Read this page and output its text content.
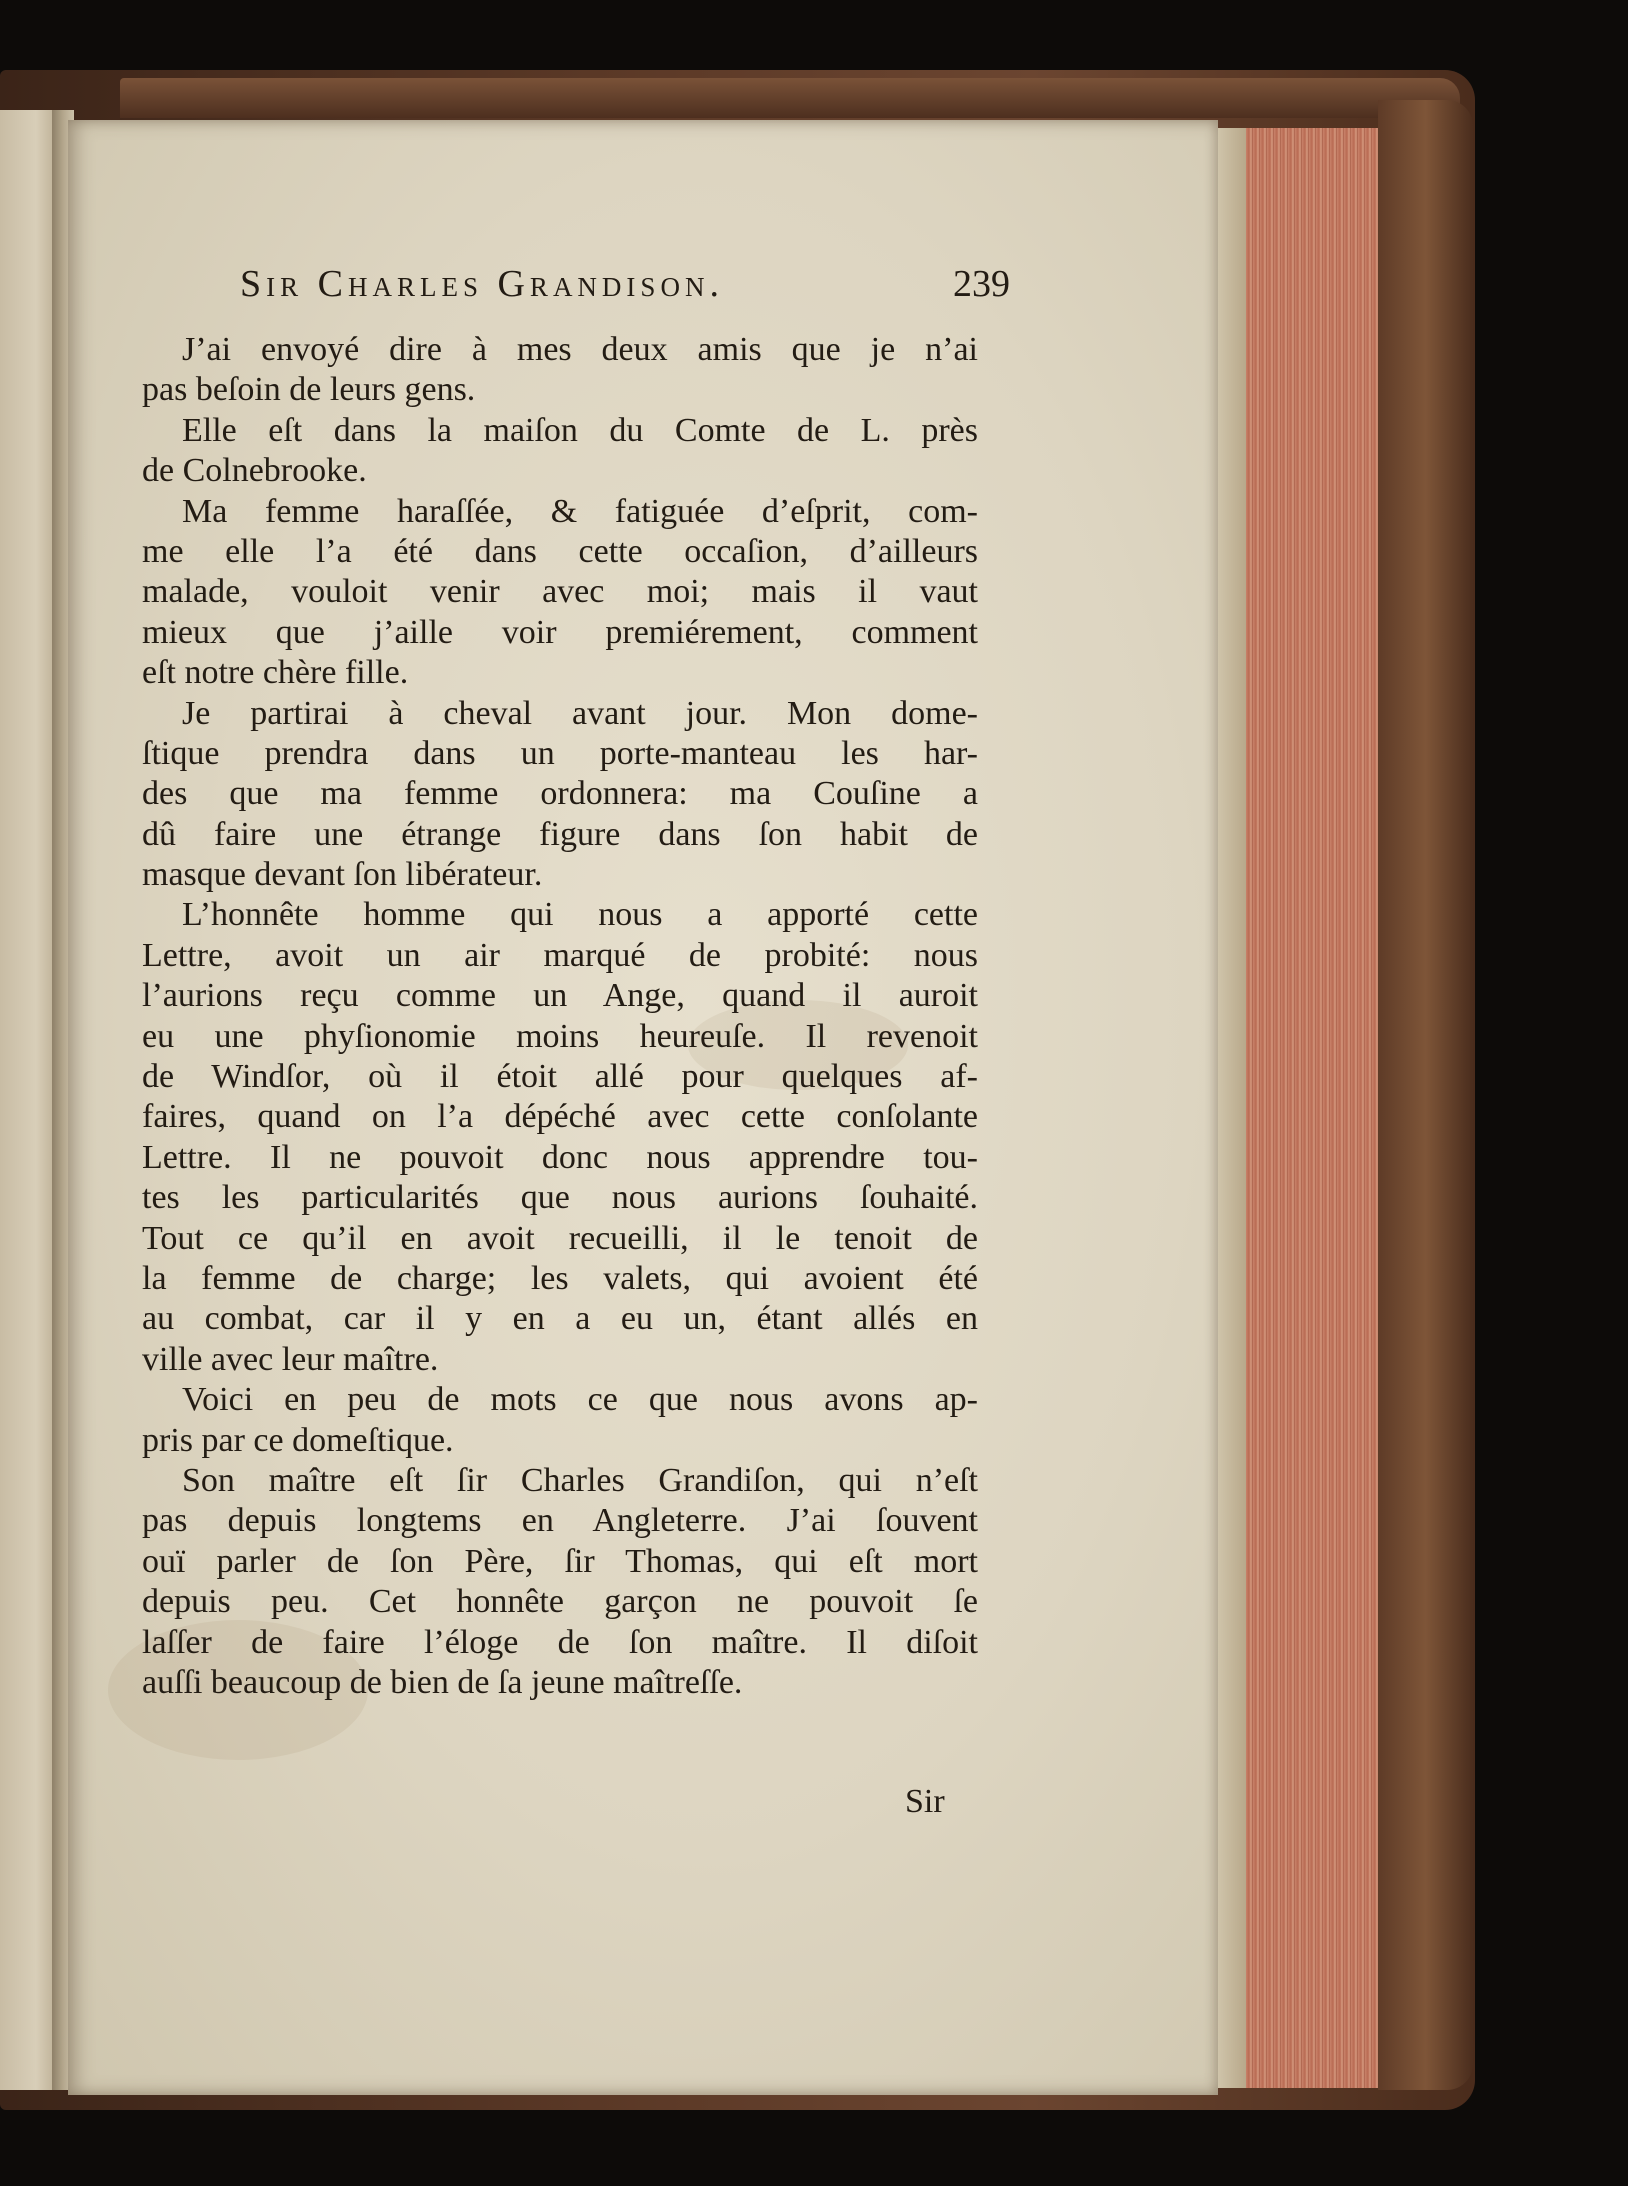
Sir Charles Grandison.	239
J’ai envoyé dire à mes deux amis que je n’ai
pas beſoin de leurs gens.
Elle eſt dans la maiſon du Comte de L. près
de Colnebrooke.
Ma femme haraſſée, & fatiguée d’eſprit, com-
me elle l’a été dans cette occaſion, d’ailleurs
malade, vouloit venir avec moi; mais il vaut
mieux que j’aille voir premiérement, comment
eſt notre chère fille.
Je partirai à cheval avant jour. Mon dome-
ſtique prendra dans un porte-manteau les har-
des que ma femme ordonnera: ma Couſine a
dû faire une étrange figure dans ſon habit de
masque devant ſon libérateur.
L’honnête homme qui nous a apporté cette
Lettre, avoit un air marqué de probité: nous
l’aurions reçu comme un Ange, quand il auroit
eu une phyſionomie moins heureuſe. Il revenoit
de Windſor, où il étoit allé pour quelques af-
faires, quand on l’a dépéché avec cette conſolante
Lettre. Il ne pouvoit donc nous apprendre tou-
tes les particularités que nous aurions ſouhaité.
Tout ce qu’il en avoit recueilli, il le tenoit de
la femme de charge; les valets, qui avoient été
au combat, car il y en a eu un, étant allés en
ville avec leur maître.
Voici en peu de mots ce que nous avons ap-
pris par ce domeſtique.
Son maître eſt ſir Charles Grandiſon, qui n’eſt
pas depuis longtems en Angleterre. J’ai ſouvent
ouï parler de ſon Père, ſir Thomas, qui eſt mort
depuis peu. Cet honnête garçon ne pouvoit ſe
laſſer de faire l’éloge de ſon maître. Il diſoit
auſſi beaucoup de bien de ſa jeune maîtreſſe.
Sir
